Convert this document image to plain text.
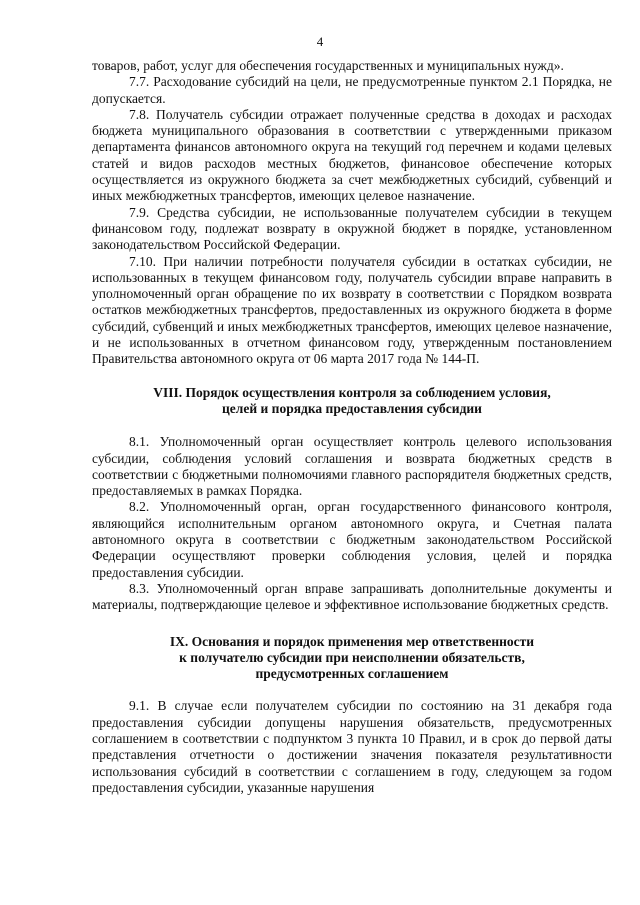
4

товаров, работ, услуг для обеспечения государственных и муниципальных нужд».

7.7. Расходование субсидий на цели, не предусмотренные пунктом 2.1 Порядка, не допускается.

7.8. Получатель субсидии отражает полученные средства в доходах и расходах бюджета муниципального образования в соответствии с утвержденными приказом департамента финансов автономного округа на текущий год перечнем и кодами целевых статей и видов расходов местных бюджетов, финансовое обеспечение которых осуществляется из окружного бюджета за счет межбюджетных субсидий, субвенций и иных межбюджетных трансфертов, имеющих целевое назначение.

7.9. Средства субсидии, не использованные получателем субсидии в текущем финансовом году, подлежат возврату в окружной бюджет в порядке, установленном законодательством Российской Федерации.

7.10. При наличии потребности получателя субсидии в остатках субсидии, не использованных в текущем финансовом году, получатель субсидии вправе направить в уполномоченный орган обращение по их возврату в соответствии с Порядком возврата остатков межбюджетных трансфертов, предоставленных из окружного бюджета в форме субсидий, субвенций и иных межбюджетных трансфертов, имеющих целевое назначение, и не использованных в отчетном финансовом году, утвержденным постановлением Правительства автономного округа от 06 марта 2017 года № 144-П.

VIII. Порядок осуществления контроля за соблюдением условия,
целей и порядка предоставления субсидии

8.1. Уполномоченный орган осуществляет контроль целевого использования субсидии, соблюдения условий соглашения и возврата бюджетных средств в соответствии с бюджетными полномочиями главного распорядителя бюджетных средств, предоставляемых в рамках Порядка.

8.2. Уполномоченный орган, орган государственного финансового контроля, являющийся исполнительным органом автономного округа, и Счетная палата автономного округа в соответствии с бюджетным законодательством Российской Федерации осуществляют проверки соблюдения условия, целей и порядка предоставления субсидии.

8.3. Уполномоченный орган вправе запрашивать дополнительные документы и материалы, подтверждающие целевое и эффективное использование бюджетных средств.

IX. Основания и порядок применения мер ответственности
к получателю субсидии при неисполнении обязательств,
предусмотренных соглашением

9.1. В случае если получателем субсидии по состоянию на 31 декабря года предоставления субсидии допущены нарушения обязательств, предусмотренных соглашением в соответствии с подпунктом 3 пункта 10 Правил, и в срок до первой даты представления отчетности о достижении значения показателя результативности использования субсидий в соответствии с соглашением в году, следующем за годом предоставления субсидии, указанные нарушения
